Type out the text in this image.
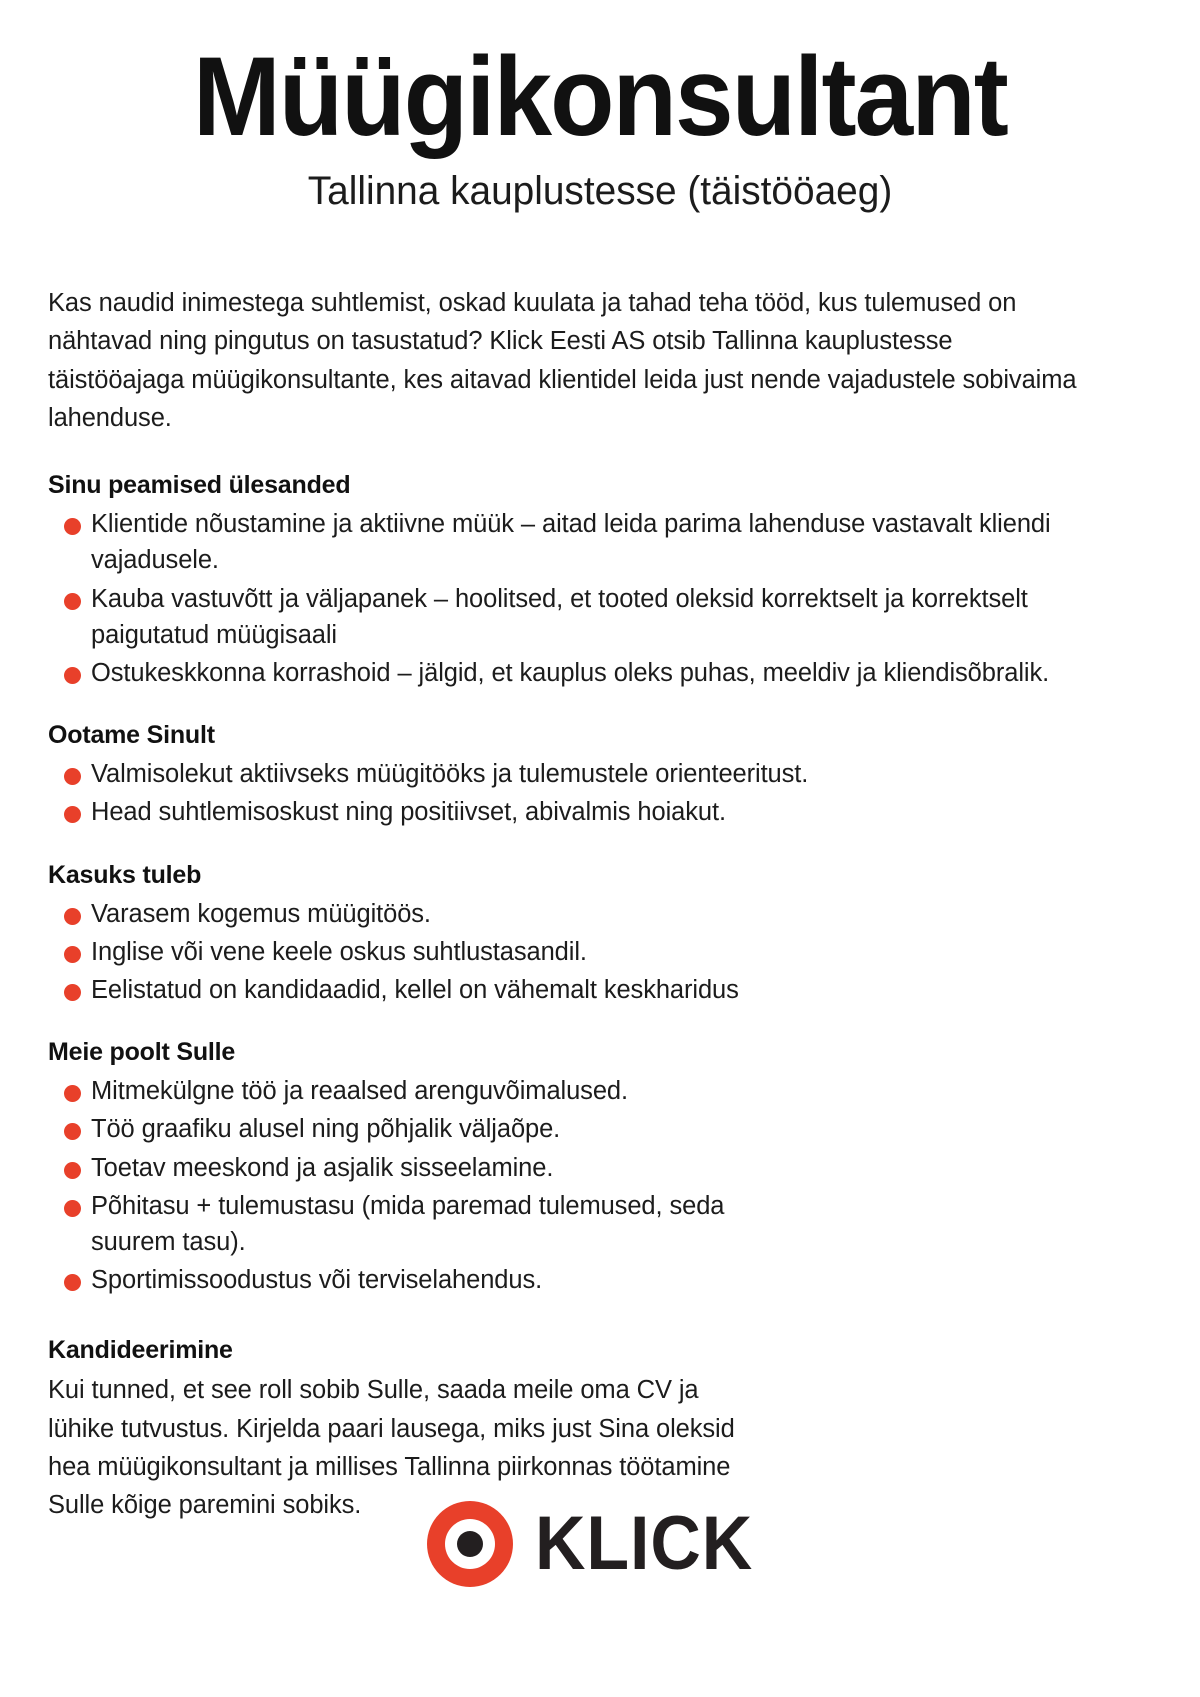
Müügikonsultant

Tallinna kauplustesse (täistööaeg)

Kas naudid inimestega suhtlemist, oskad kuulata ja tahad teha tööd, kus tulemused on nähtavad ning pingutus on tasustatud? Klick Eesti AS otsib Tallinna kauplustesse täistööajaga müügikonsultante, kes aitavad klientidel leida just nende vajadustele sobivaima lahenduse.

Sinu peamised ülesanded
Klientide nõustamine ja aktiivne müük – aitad leida parima lahenduse vastavalt kliendi vajadusele.
Kauba vastuvõtt ja väljapanek – hoolitsed, et tooted oleksid korrektselt ja korrektselt paigutatud müügisaali
Ostukeskkonna korrashoid – jälgid, et kauplus oleks puhas, meeldiv ja kliendisõbralik.
Ootame Sinult
Valmisolekut aktiivseks müügitööks ja tulemustele orienteeritust.
Head suhtlemisoskust ning positiivset, abivalmis hoiakut.
Kasuks tuleb
Varasem kogemus müügitöös.
Inglise või vene keele oskus suhtlustasandil.
Eelistatud on kandidaadid, kellel on vähemalt keskharidus
Meie poolt Sulle
Mitmekülgne töö ja reaalsed arenguvõimalused.
Töö graafiku alusel ning põhjalik väljaõpe.
Toetav meeskond ja asjalik sisseelamine.
Põhitasu + tulemustasu (mida paremad tulemused, seda suurem tasu).
Sportimissoodustus või terviselahendus.
Kandideerimine

Kui tunned, et see roll sobib Sulle, saada meile oma CV ja lühike tutvustus. Kirjelda paari lausega, miks just Sina oleksid hea müügikonsultant ja millises Tallinna piirkonnas töötamine Sulle kõige paremini sobiks.	KLICK
